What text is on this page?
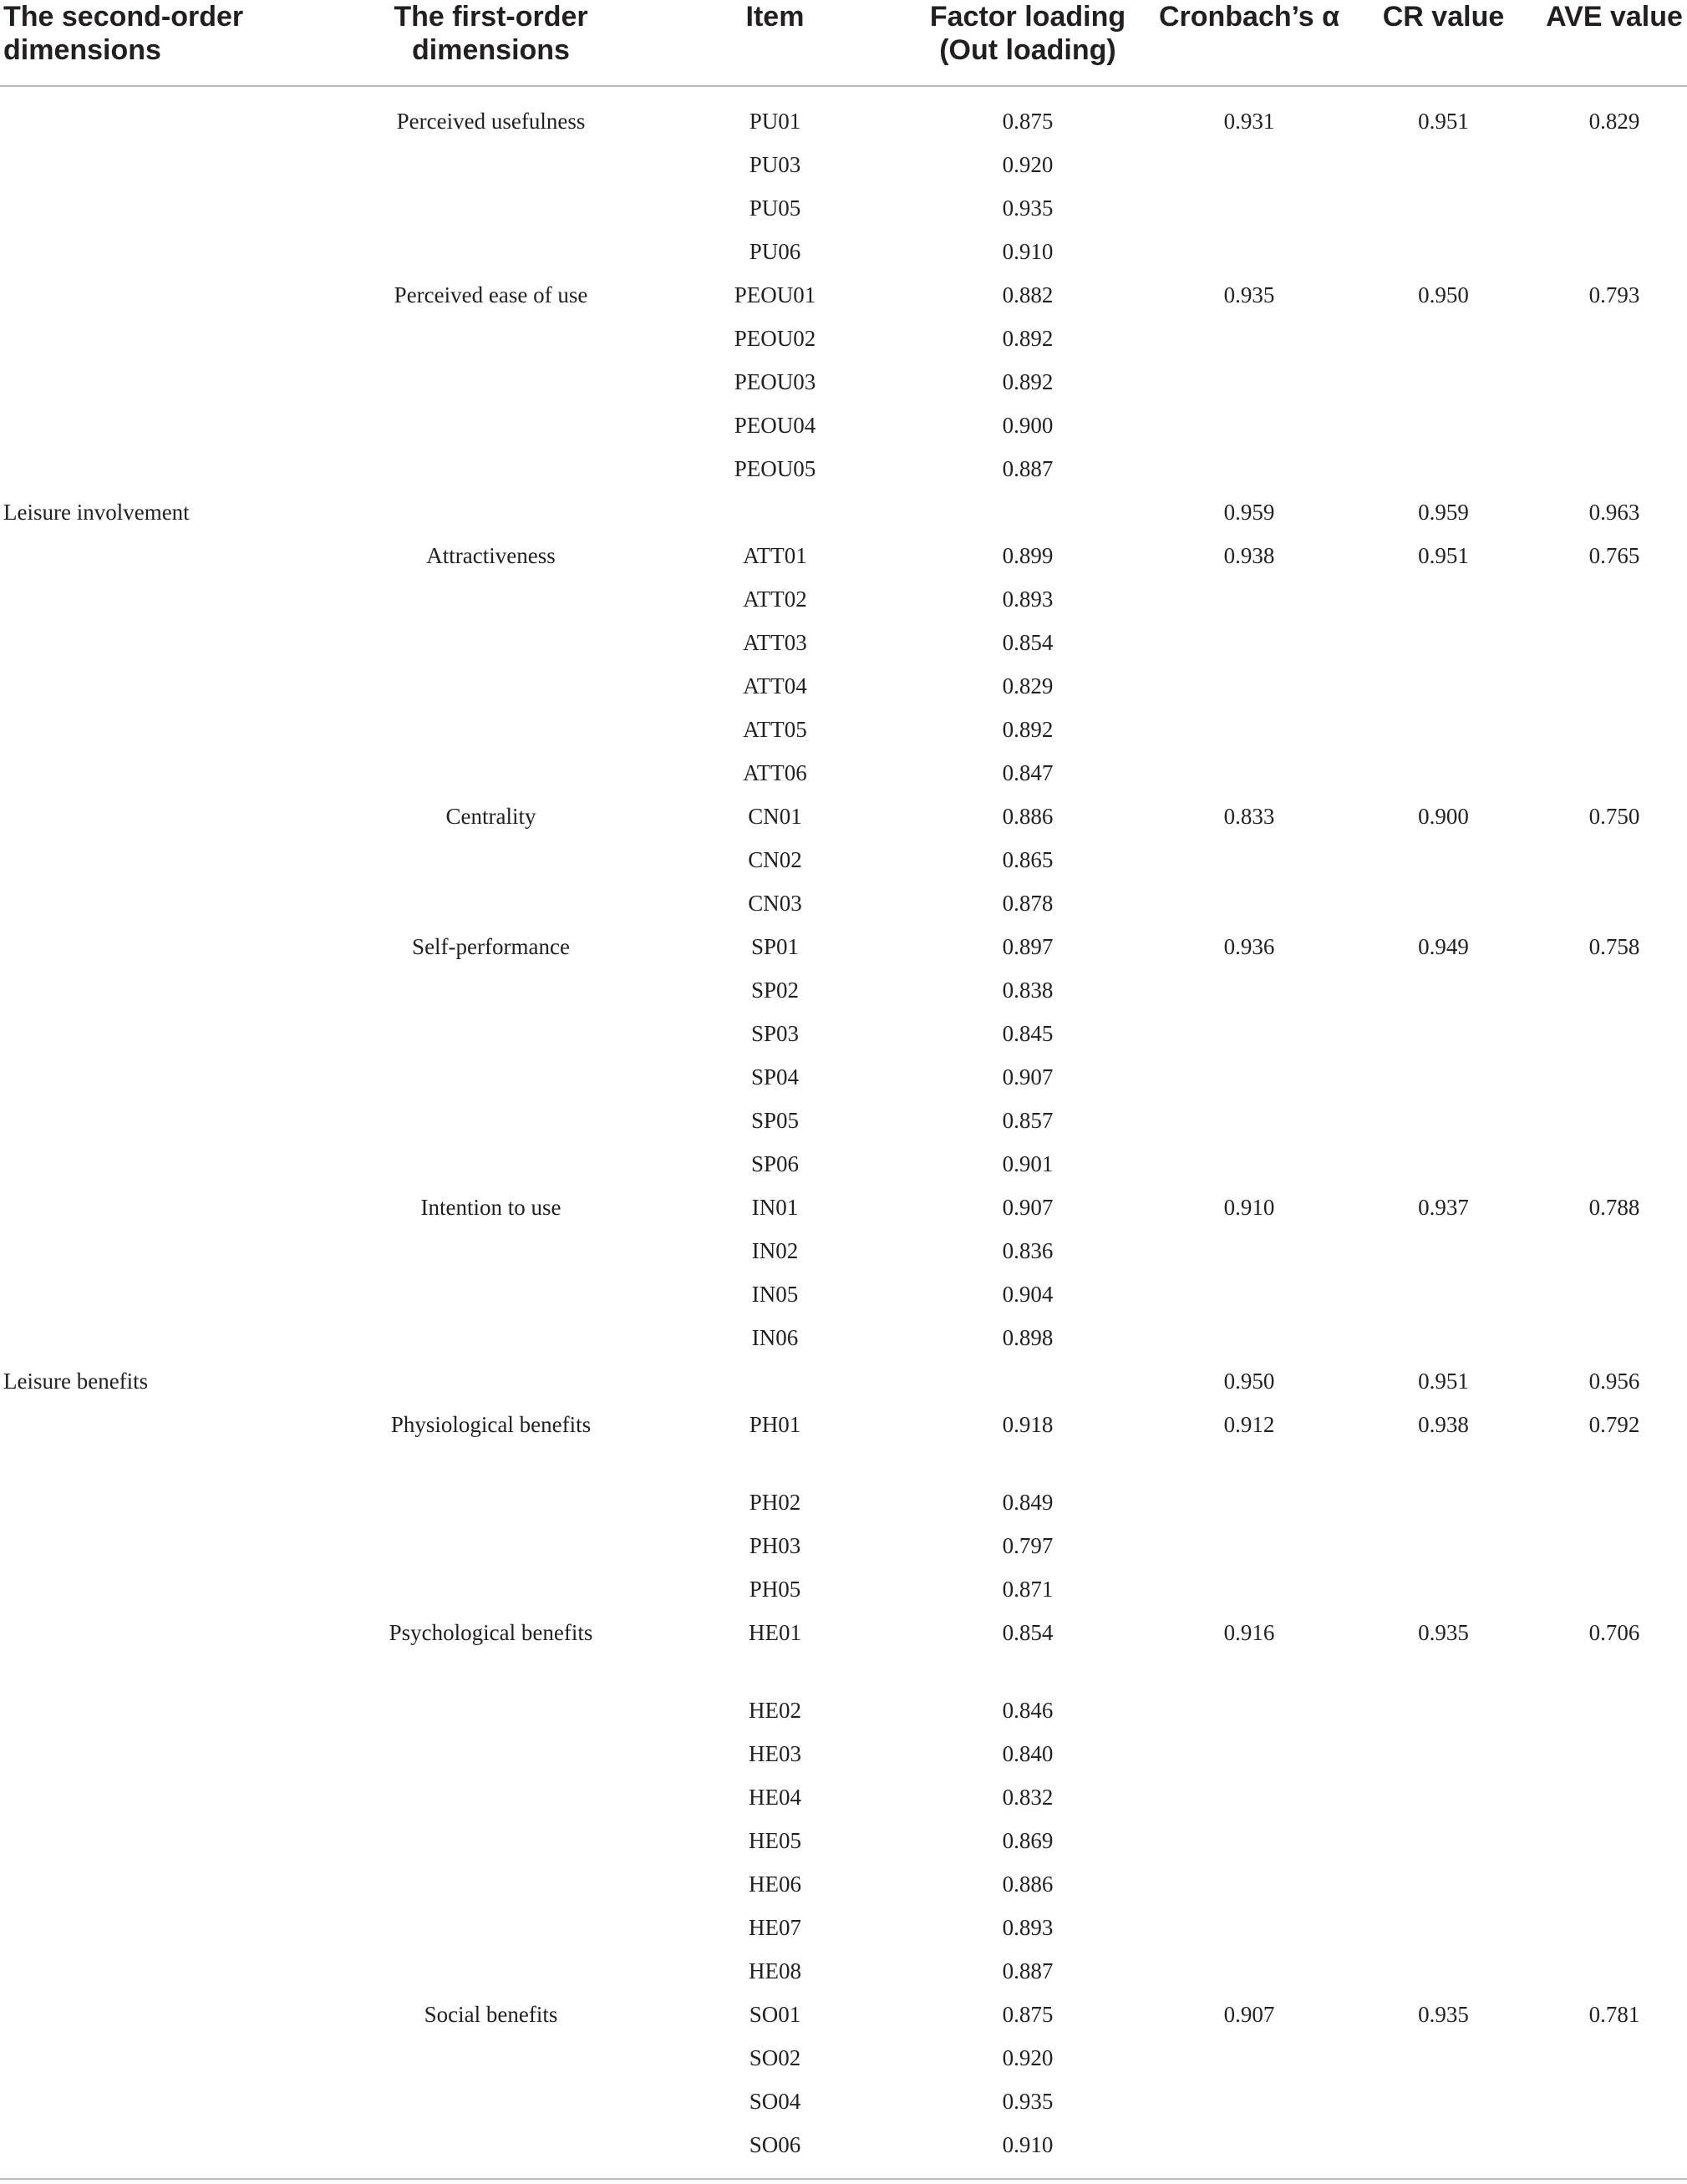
The second-order dimensions	The first-order dimensions	Item	Factor loading (Out loading)	Cronbach’s α	CR value	AVE value
	Perceived usefulness	PU01	0.875	0.931	0.951	0.829
		PU03	0.920			
		PU05	0.935			
		PU06	0.910			
	Perceived ease of use	PEOU01	0.882	0.935	0.950	0.793
		PEOU02	0.892			
		PEOU03	0.892			
		PEOU04	0.900			
		PEOU05	0.887			
Leisure involvement				0.959	0.959	0.963
	Attractiveness	ATT01	0.899	0.938	0.951	0.765
		ATT02	0.893			
		ATT03	0.854			
		ATT04	0.829			
		ATT05	0.892			
		ATT06	0.847			
	Centrality	CN01	0.886	0.833	0.900	0.750
		CN02	0.865			
		CN03	0.878			
	Self-performance	SP01	0.897	0.936	0.949	0.758
		SP02	0.838			
		SP03	0.845			
		SP04	0.907			
		SP05	0.857			
		SP06	0.901			
	Intention to use	IN01	0.907	0.910	0.937	0.788
		IN02	0.836			
		IN05	0.904			
		IN06	0.898			
Leisure benefits				0.950	0.951	0.956
	Physiological benefits	PH01	0.918	0.912	0.938	0.792
		PH02	0.849			
		PH03	0.797			
		PH05	0.871			
	Psychological benefits	HE01	0.854	0.916	0.935	0.706
		HE02	0.846			
		HE03	0.840			
		HE04	0.832			
		HE05	0.869			
		HE06	0.886			
		HE07	0.893			
		HE08	0.887			
	Social benefits	SO01	0.875	0.907	0.935	0.781
		SO02	0.920			
		SO04	0.935			
		SO06	0.910			
